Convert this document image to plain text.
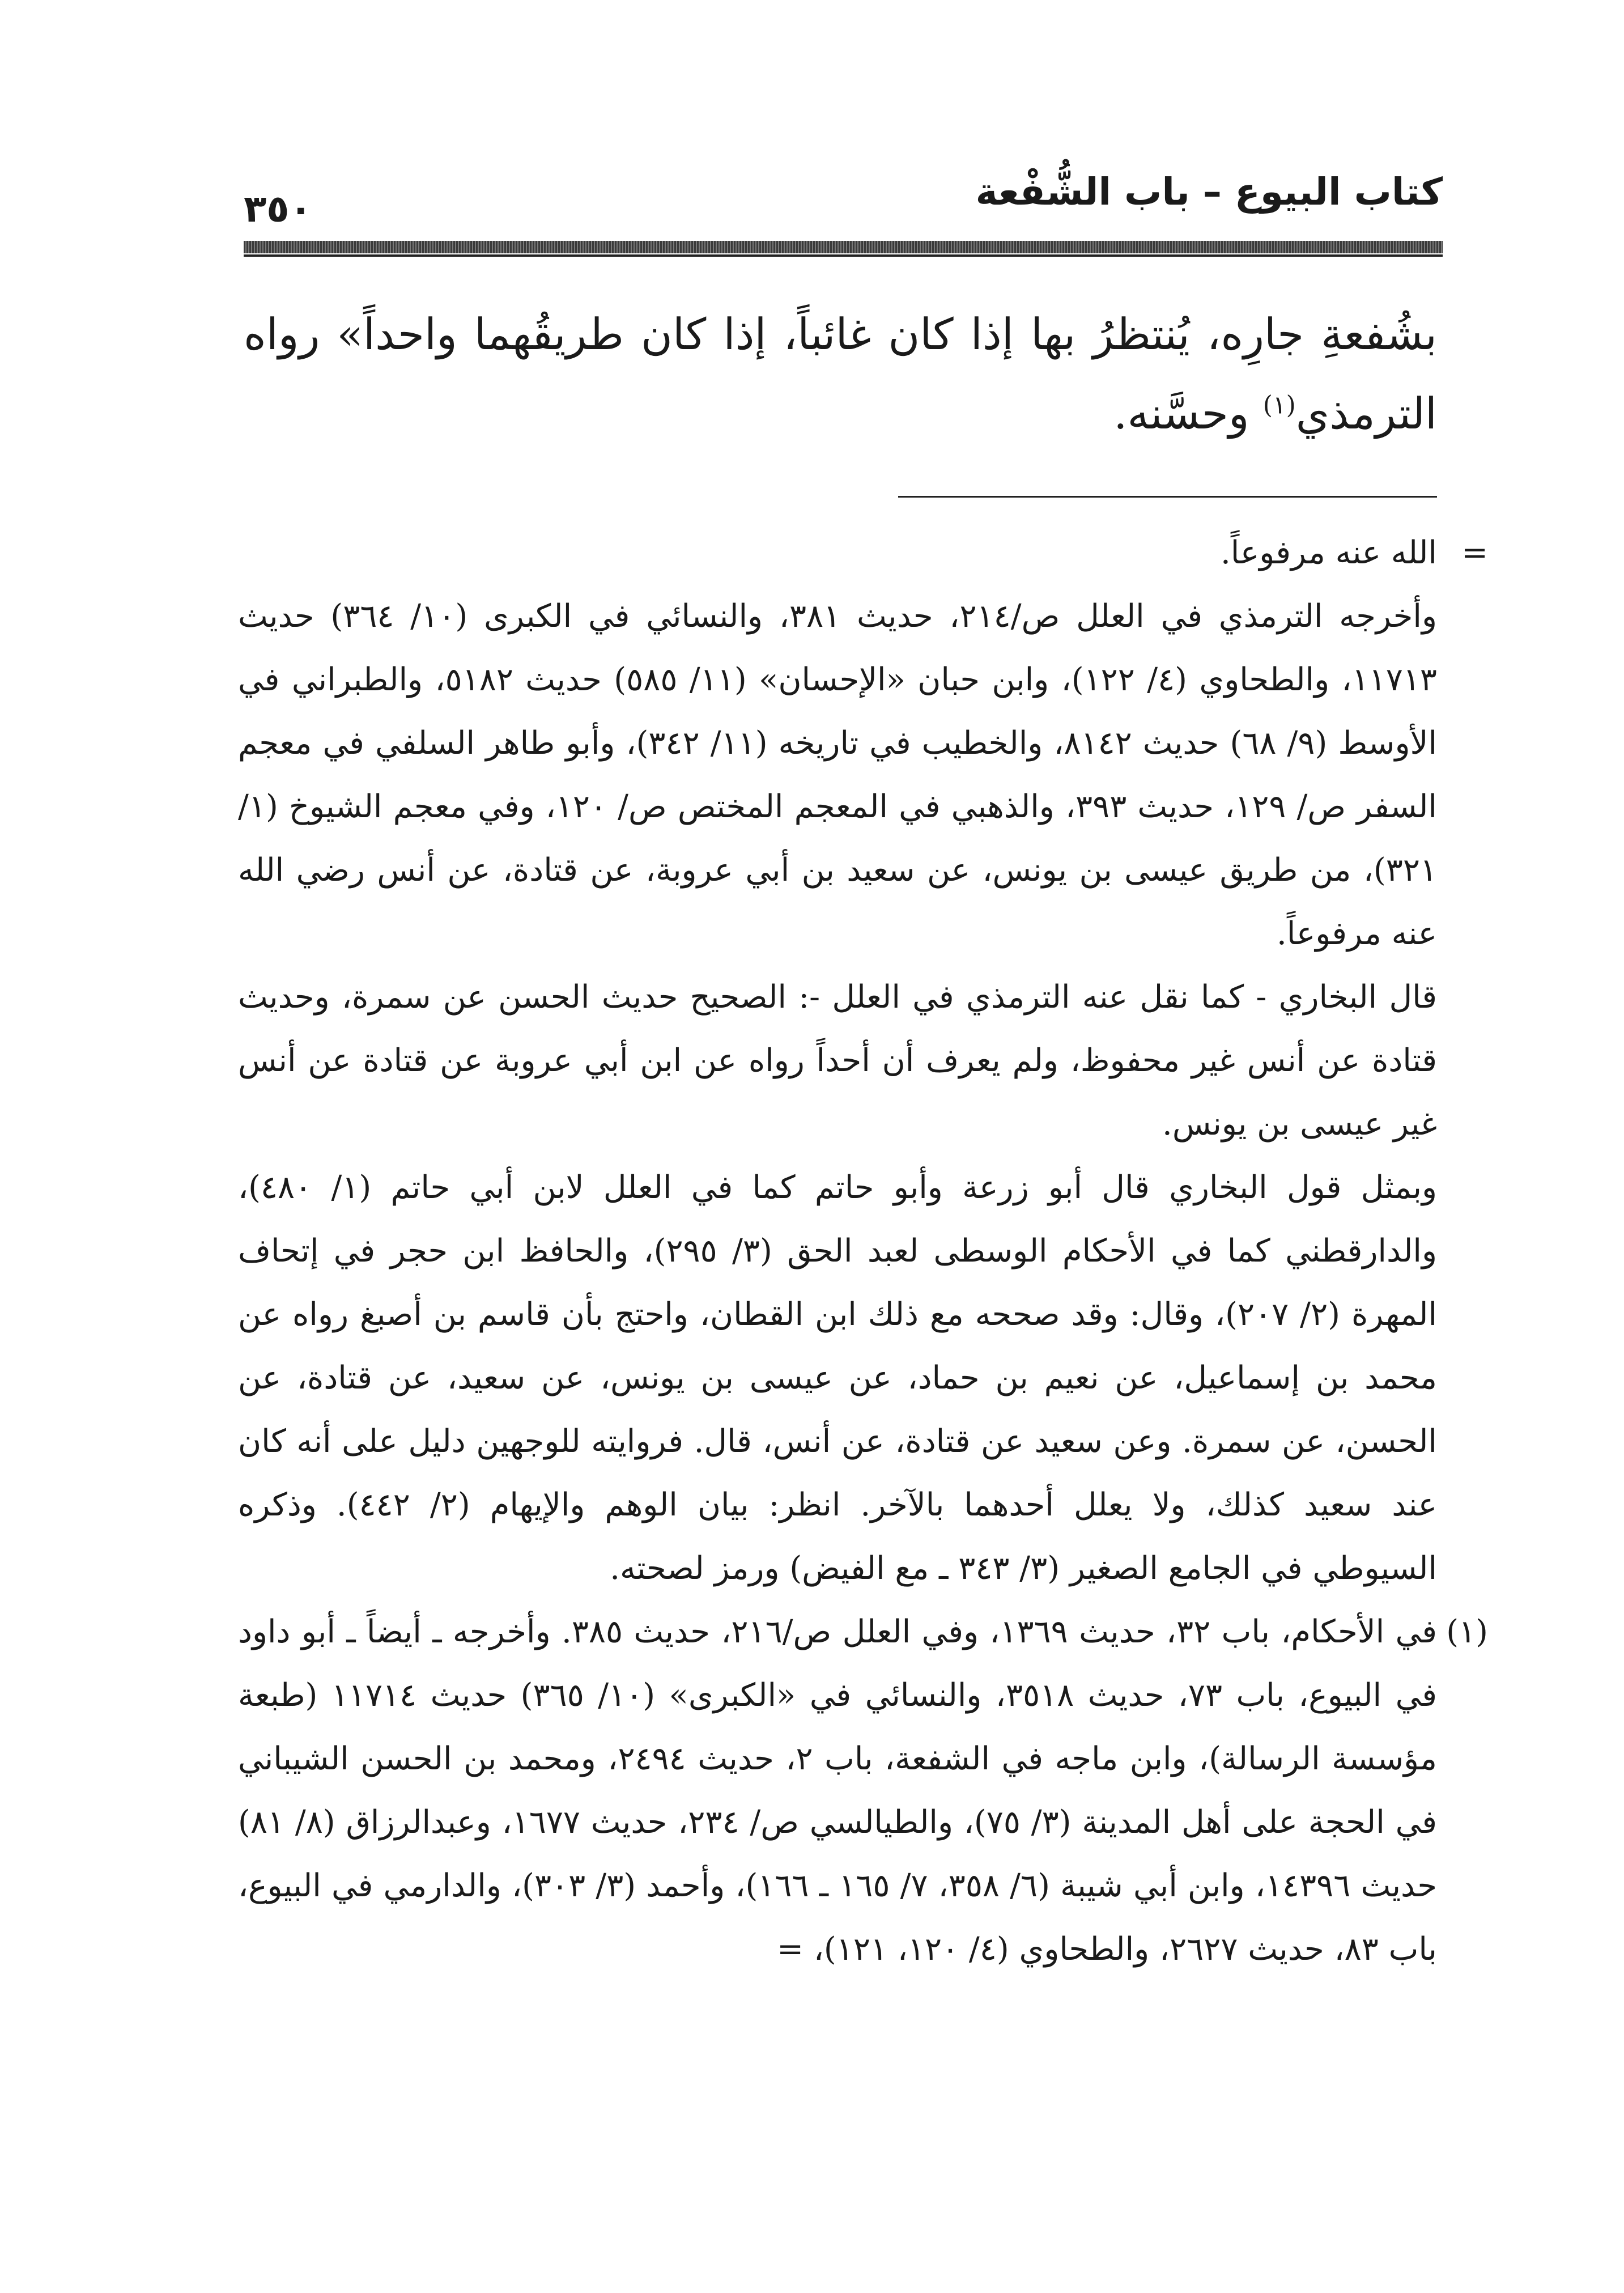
كتاب البيوع – باب الشُّفْعة
٣٥٠

بشُفعةِ جارِه، يُنتظرُ بها إذا كان غائباً، إذا كان طريقُهما واحداً» رواه الترمذي$^{(١)}$ وحسَّنه.

=

الله عنه مرفوعاً.

وأخرجه الترمذي في العلل ص/٢١٤، حديث ٣٨١، والنسائي في الكبرى (١٠/ ٣٦٤) حديث ١١٧١٣، والطحاوي (٤/ ١٢٢)، وابن حبان «الإحسان» (١١/ ٥٨٥) حديث ٥١٨٢، والطبراني في الأوسط (٩/ ٦٨) حديث ٨١٤٢، والخطيب في تاريخه (١١/ ٣٤٢)، وأبو طاهر السلفي في معجم السفر ص/ ١٢٩، حديث ٣٩٣، والذهبي في المعجم المختص ص/ ١٢٠، وفي معجم الشيوخ (١/ ٣٢١)، من طريق عيسى بن يونس، عن سعيد بن أبي عروبة، عن قتادة، عن أنس رضي الله عنه مرفوعاً.

قال البخاري - كما نقل عنه الترمذي في العلل -: الصحيح حديث الحسن عن سمرة، وحديث قتادة عن أنس غير محفوظ، ولم يعرف أن أحداً رواه عن ابن أبي عروبة عن قتادة عن أنس غير عيسى بن يونس.

وبمثل قول البخاري قال أبو زرعة وأبو حاتم كما في العلل لابن أبي حاتم (١/ ٤٨٠)، والدارقطني كما في الأحكام الوسطى لعبد الحق (٣/ ٢٩٥)، والحافظ ابن حجر في إتحاف المهرة (٢/ ٢٠٧)، وقال: وقد صححه مع ذلك ابن القطان، واحتج بأن قاسم بن أصبغ رواه عن محمد بن إسماعيل، عن نعيم بن حماد، عن عيسى بن يونس، عن سعيد، عن قتادة، عن الحسن، عن سمرة. وعن سعيد عن قتادة، عن أنس، قال. فروايته للوجهين دليل على أنه كان عند سعيد كذلك، ولا يعلل أحدهما بالآخر. انظر: بيان الوهم والإيهام (٢/ ٤٤٢). وذكره السيوطي في الجامع الصغير (٣/ ٣٤٣ ـ مع الفيض) ورمز لصحته.

(١)

في الأحكام، باب ٣٢، حديث ١٣٦٩، وفي العلل ص/٢١٦، حديث ٣٨٥. وأخرجه ـ أيضاً ـ أبو داود في البيوع، باب ٧٣، حديث ٣٥١٨، والنسائي في «الكبرى» (١٠/ ٣٦٥) حديث ١١٧١٤ (طبعة مؤسسة الرسالة)، وابن ماجه في الشفعة، باب ٢، حديث ٢٤٩٤، ومحمد بن الحسن الشيباني في الحجة على أهل المدينة (٣/ ٧٥)، والطيالسي ص/ ٢٣٤، حديث ١٦٧٧، وعبدالرزاق (٨/ ٨١) حديث ١٤٣٩٦، وابن أبي شيبة (٦/ ٣٥٨، ٧/ ١٦٥ ـ ١٦٦)، وأحمد (٣/ ٣٠٣)، والدارمي في البيوع، باب ٨٣، حديث ٢٦٢٧، والطحاوي (٤/ ١٢٠، ١٢١)، =
